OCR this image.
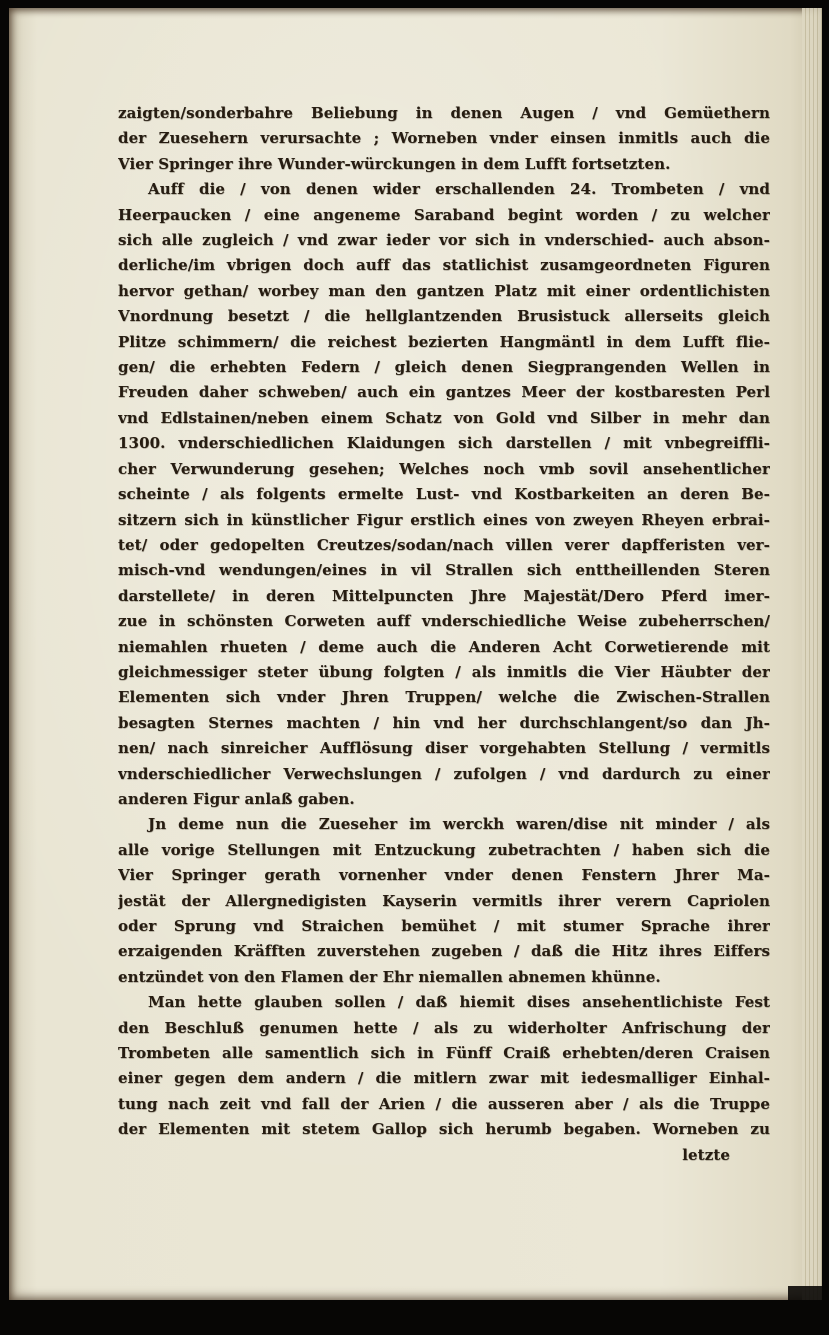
zaigten/sonderbahre Beliebung in denen Augen / vnd Gemüethern
der Zuesehern verursachte ; Worneben vnder einsen inmitls auch die
Vier Springer ihre Wunder-würckungen in dem Lufft fortsetzten.

Auff die / von denen wider erschallenden 24. Trombeten / vnd
Heerpaucken / eine angeneme Saraband begint worden / zu welcher
sich alle zugleich / vnd zwar ieder vor sich in vnderschied- auch abson-
derliche/im vbrigen doch auff das statlichist zusamgeordneten Figuren
hervor gethan/ worbey man den gantzen Platz mit einer ordentlichisten
Vnordnung besetzt / die hellglantzenden Brusistuck allerseits gleich
Plitze schimmern/ die reichest bezierten Hangmäntl in dem Lufft flie-
gen/ die erhebten Federn / gleich denen Siegprangenden Wellen in
Freuden daher schweben/ auch ein gantzes Meer der kostbaresten Perl
vnd Edlstainen/neben einem Schatz von Gold vnd Silber in mehr dan
1300. vnderschiedlichen Klaidungen sich darstellen / mit vnbegreiffli-
cher Verwunderung gesehen; Welches noch vmb sovil ansehentlicher
scheinte / als folgents ermelte Lust- vnd Kostbarkeiten an deren Be-
sitzern sich in künstlicher Figur erstlich eines von zweyen Rheyen erbrai-
tet/ oder gedopelten Creutzes/sodan/nach villen verer dapfferisten ver-
misch-vnd wendungen/eines in vil Strallen sich enttheillenden Steren
darstellete/ in deren Mittelpuncten Jhre Majestät/Dero Pferd imer-
zue in schönsten Corweten auff vnderschiedliche Weise zubeherrschen/
niemahlen rhueten / deme auch die Anderen Acht Corwetierende mit
gleichmessiger steter übung folgten / als inmitls die Vier Häubter der
Elementen sich vnder Jhren Truppen/ welche die Zwischen-Strallen
besagten Sternes machten / hin vnd her durchschlangent/so dan Jh-
nen/ nach sinreicher Aufflösung diser vorgehabten Stellung / vermitls
vnderschiedlicher Verwechslungen / zufolgen / vnd dardurch zu einer
anderen Figur anlaß gaben.

Jn deme nun die Zueseher im werckh waren/dise nit minder / als
alle vorige Stellungen mit Entzuckung zubetrachten / haben sich die
Vier Springer gerath vornenher vnder denen Fenstern Jhrer Ma-
jestät der Allergnedigisten Kayserin vermitls ihrer verern Capriolen
oder Sprung vnd Straichen bemühet / mit stumer Sprache ihrer
erzaigenden Kräfften zuverstehen zugeben / daß die Hitz ihres Eiffers
entzündet von den Flamen der Ehr niemallen abnemen khünne.

Man hette glauben sollen / daß hiemit dises ansehentlichiste Fest
den Beschluß genumen hette / als zu widerholter Anfrischung der
Trombeten alle samentlich sich in Fünff Craiß erhebten/deren Craisen
einer gegen dem andern / die mitlern zwar mit iedesmalliger Einhal-
tung nach zeit vnd fall der Arien / die ausseren aber / als die Truppe
der Elementen mit stetem Gallop sich herumb begaben. Worneben zu

letzte
